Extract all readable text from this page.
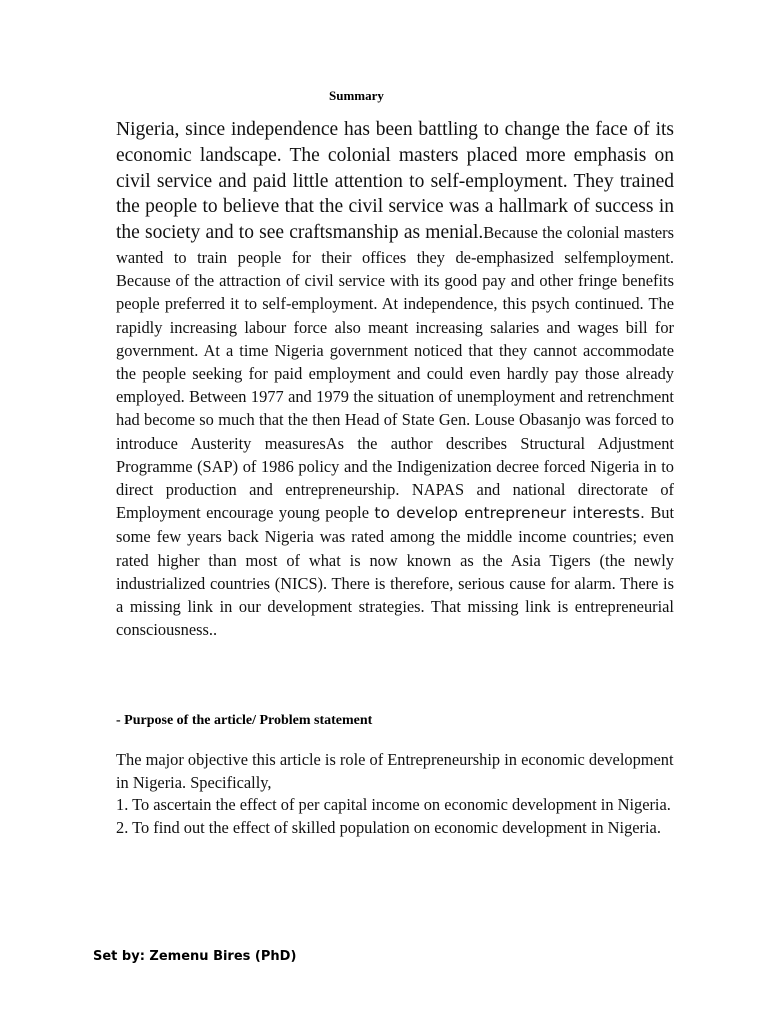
Summary

Nigeria, since independence has been battling to change the face of its economic landscape. The colonial masters placed more emphasis on civil service and paid little attention to self-employment. They trained the people to believe that the civil service was a hallmark of success in the society and to see craftsmanship as menial.Because the colonial masters wanted to train people for their offices they de-emphasized selfemployment. Because of the attraction of civil service with its good pay and other fringe benefits people preferred it to self-employment. At independence, this psych continued. The rapidly increasing labour force also meant increasing salaries and wages bill for government. At a time Nigeria government noticed that they cannot accommodate the people seeking for paid employment and could even hardly pay those already employed. Between 1977 and 1979 the situation of unemployment and retrenchment had become so much that the then Head of State Gen. Louse Obasanjo was forced to introduce Austerity measuresAs the author describes Structural Adjustment Programme (SAP) of 1986 policy and the Indigenization decree forced Nigeria in to direct production and entrepreneurship. NAPAS and national directorate of Employment encourage young people to develop entrepreneur interests. But some few years back Nigeria was rated among the middle income countries; even rated higher than most of what is now known as the Asia Tigers (the newly industrialized countries (NICS). There is therefore, serious cause for alarm. There is a missing link in our development strategies. That missing link is entrepreneurial consciousness..

- Purpose of the article/ Problem statement

The major objective this article is role of Entrepreneurship in economic development in Nigeria. Specifically,

1. To ascertain the effect of per capital income on economic development in Nigeria.

2. To find out the effect of skilled population on economic development in Nigeria.

Set by: Zemenu Bires (PhD)
